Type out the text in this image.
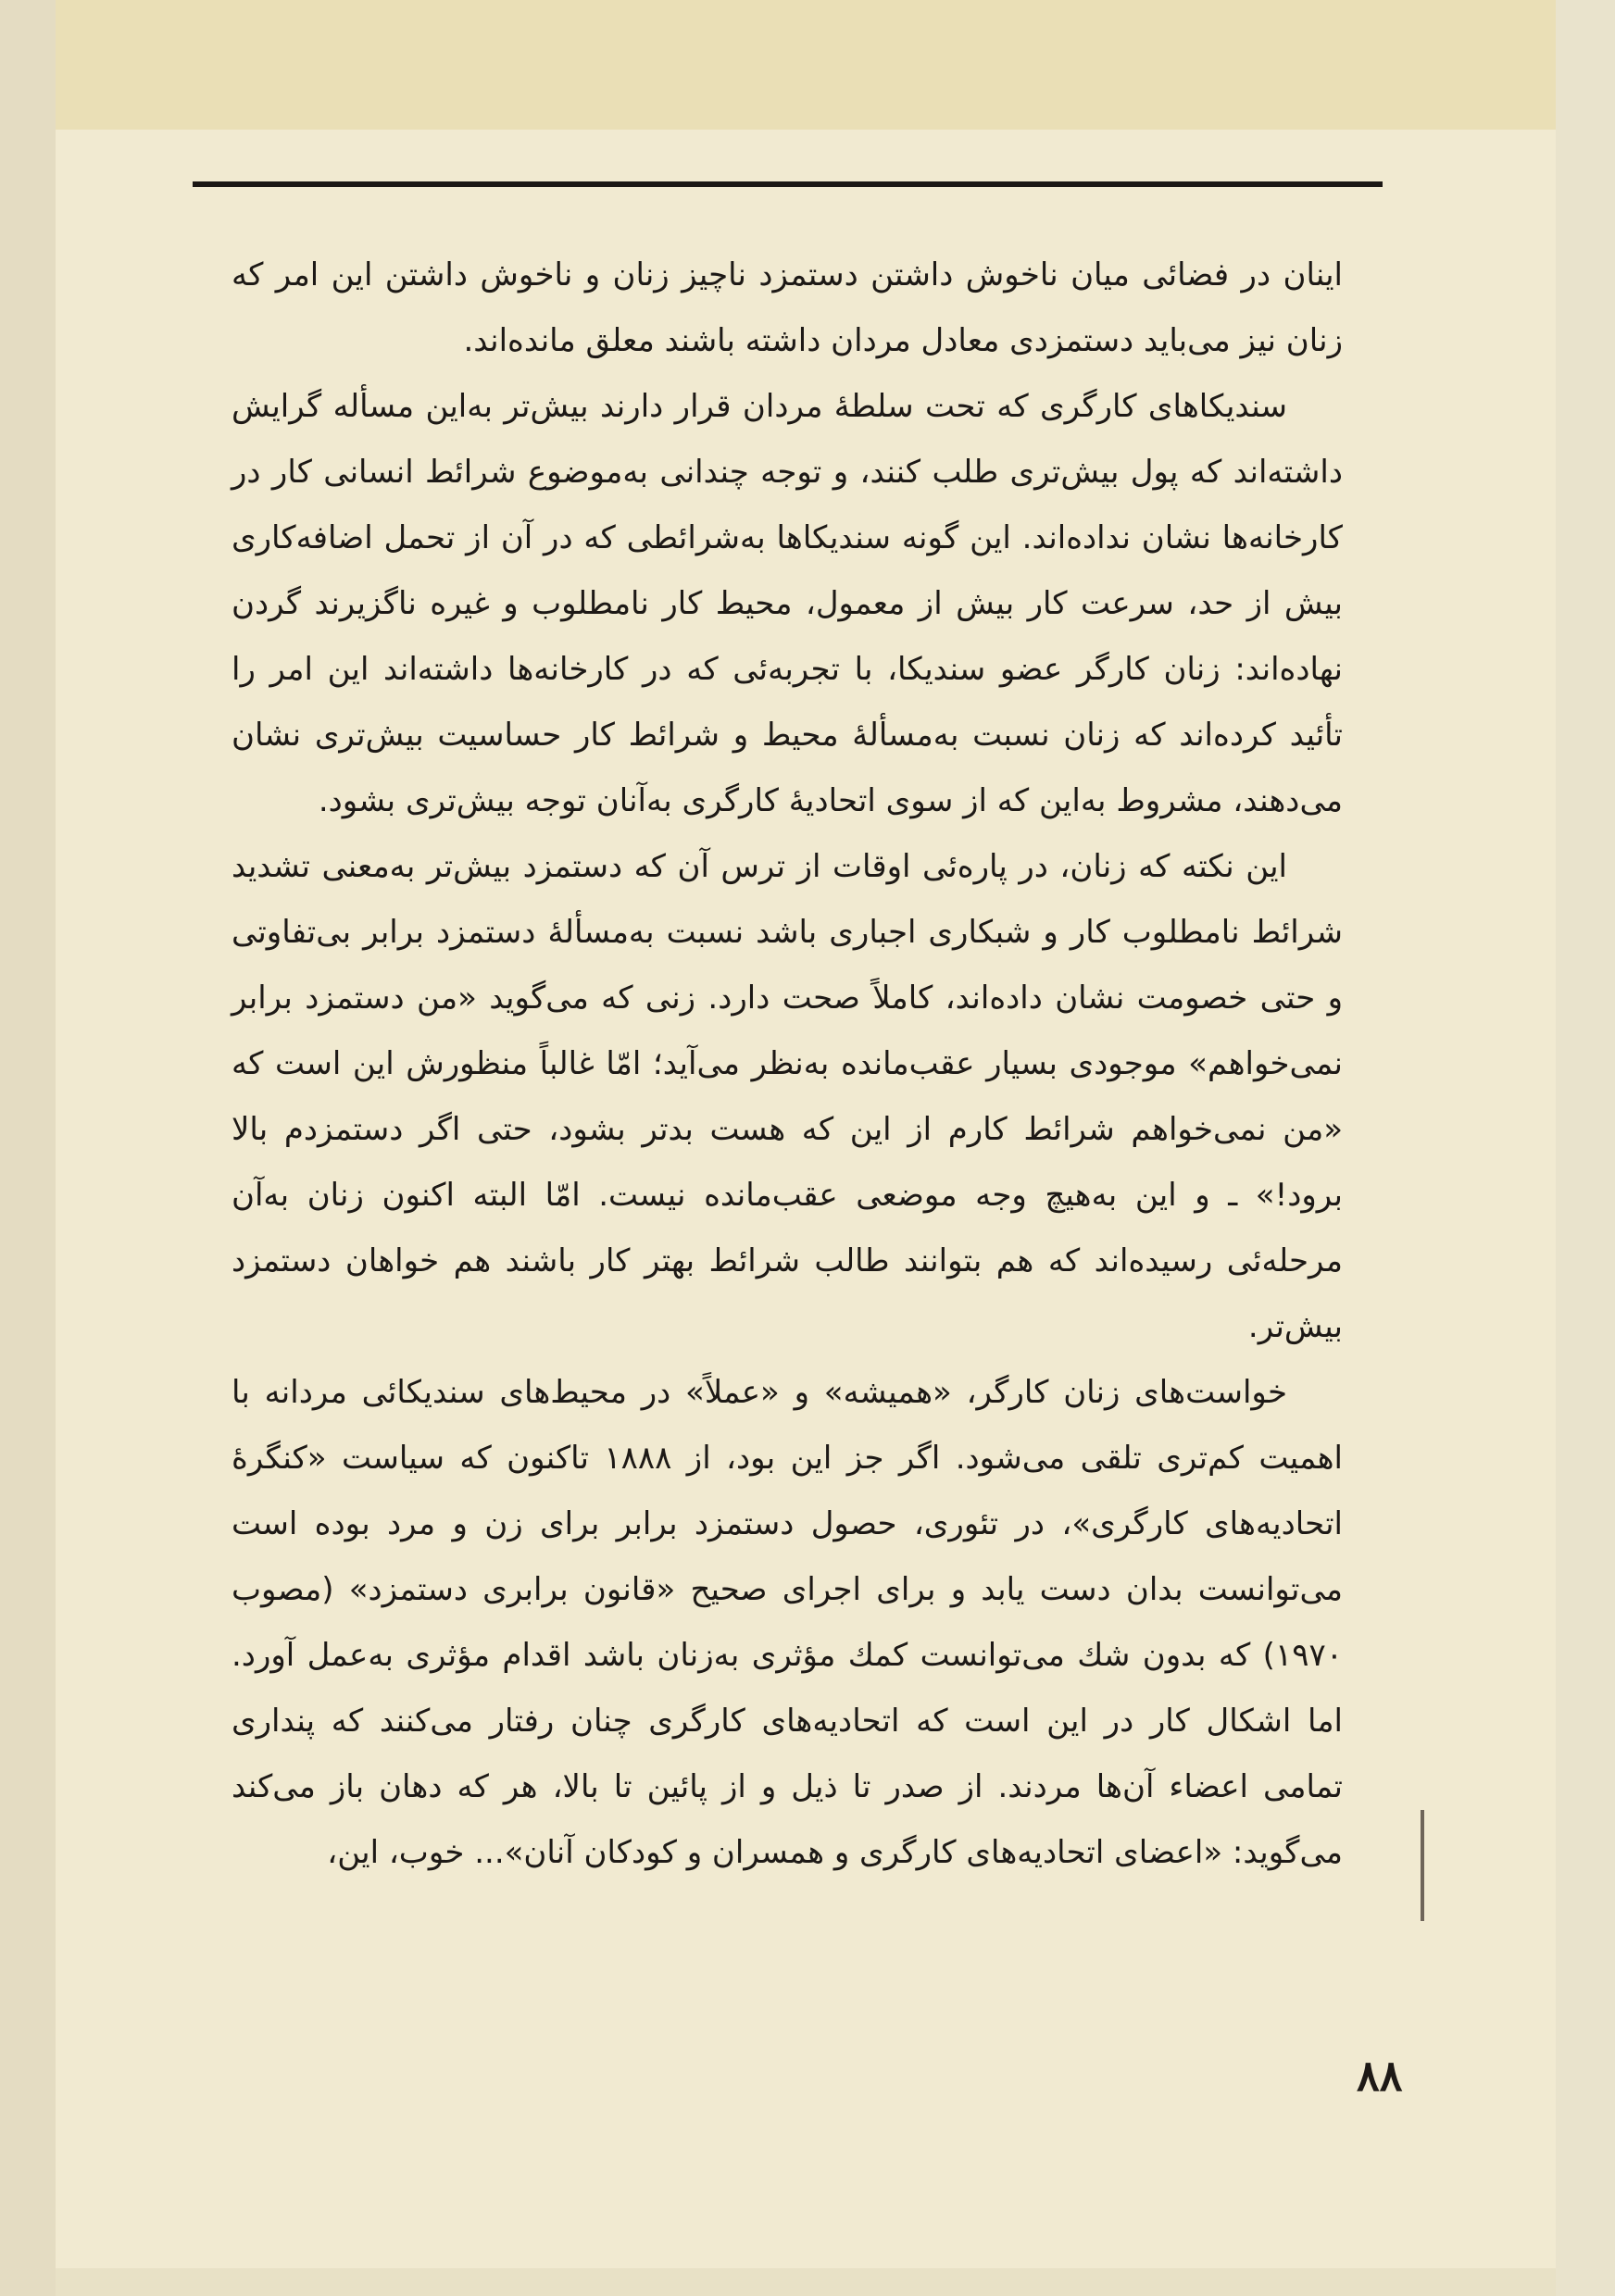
اینان در فضائی میان ناخوش داشتن دستمزد ناچیز زنان و ناخوش داشتن این امر که زنان نیز می‌باید دستمزدی معادل مردان داشته باشند معلق مانده‌اند.

سندیکاهای کارگری که تحت سلطهٔ مردان قرار دارند بیش‌تر به‌این مسأله گرایش داشته‌اند که پول بیش‌تری طلب کنند، و توجه چندانی به‌موضوع شرائط انسانی کار در کارخانه‌ها نشان نداده‌اند. این گونه سندیکاها به‌شرائطی که در آن از تحمل اضافه‌کاری بیش از حد، سرعت کار بیش از معمول، محیط کار نامطلوب و غیره ناگزیرند گردن نهاده‌اند: زنان کارگر عضو سندیکا، با تجربه‌ئی که در کارخانه‌ها داشته‌اند این امر را تأئید کرده‌اند که زنان نسبت به‌مسألهٔ محیط و شرائط کار حساسیت بیش‌تری نشان می‌دهند، مشروط به‌این که از سوی اتحادیهٔ کارگری به‌آنان توجه بیش‌تری بشود.

این نکته که زنان، در پاره‌ئی اوقات از ترس آن که دستمزد بیش‌تر به‌معنی تشدید شرائط نامطلوب کار و شبکاری اجباری باشد نسبت به‌مسألهٔ دستمزد برابر بی‌تفاوتی و حتی خصومت نشان داده‌اند، کاملاً صحت دارد. زنی که می‌گوید «من دستمزد برابر نمی‌خواهم» موجودی بسیار عقب‌مانده به‌نظر می‌آید؛ امّا غالباً منظورش این است که «من نمی‌خواهم شرائط کارم از این که هست بدتر بشود، حتی اگر دستمزدم بالا برود!» ـ و این به‌هیچ وجه موضعی عقب‌مانده نیست. امّا البته اکنون زنان به‌آن مرحله‌ئی رسیده‌اند که هم بتوانند طالب شرائط بهتر کار باشند هم خواهان دستمزد بیش‌تر.

خواست‌های زنان کارگر، «همیشه» و «عملاً» در محیط‌های سندیکائی مردانه با اهمیت کم‌تری تلقی می‌شود. اگر جز این بود، از ۱۸۸۸ تاکنون که سیاست «کنگرهٔ اتحادیه‌های کارگری»، در تئوری، حصول دستمزد برابر برای زن و مرد بوده است می‌توانست بدان دست یابد و برای اجرای صحیح «قانون برابری دستمزد» (مصوب ۱۹۷۰) که بدون شك می‌توانست کمك مؤثری به‌زنان باشد اقدام مؤثری به‌عمل آورد. اما اشکال کار در این است که اتحادیه‌های کارگری چنان رفتار می‌کنند که پنداری تمامی اعضاء آن‌ها مردند. از صدر تا ذیل و از پائین تا بالا، هر که دهان باز می‌کند می‌گوید: «اعضای اتحادیه‌های کارگری و همسران و کودکان آنان»... خوب، این،

۸۸
